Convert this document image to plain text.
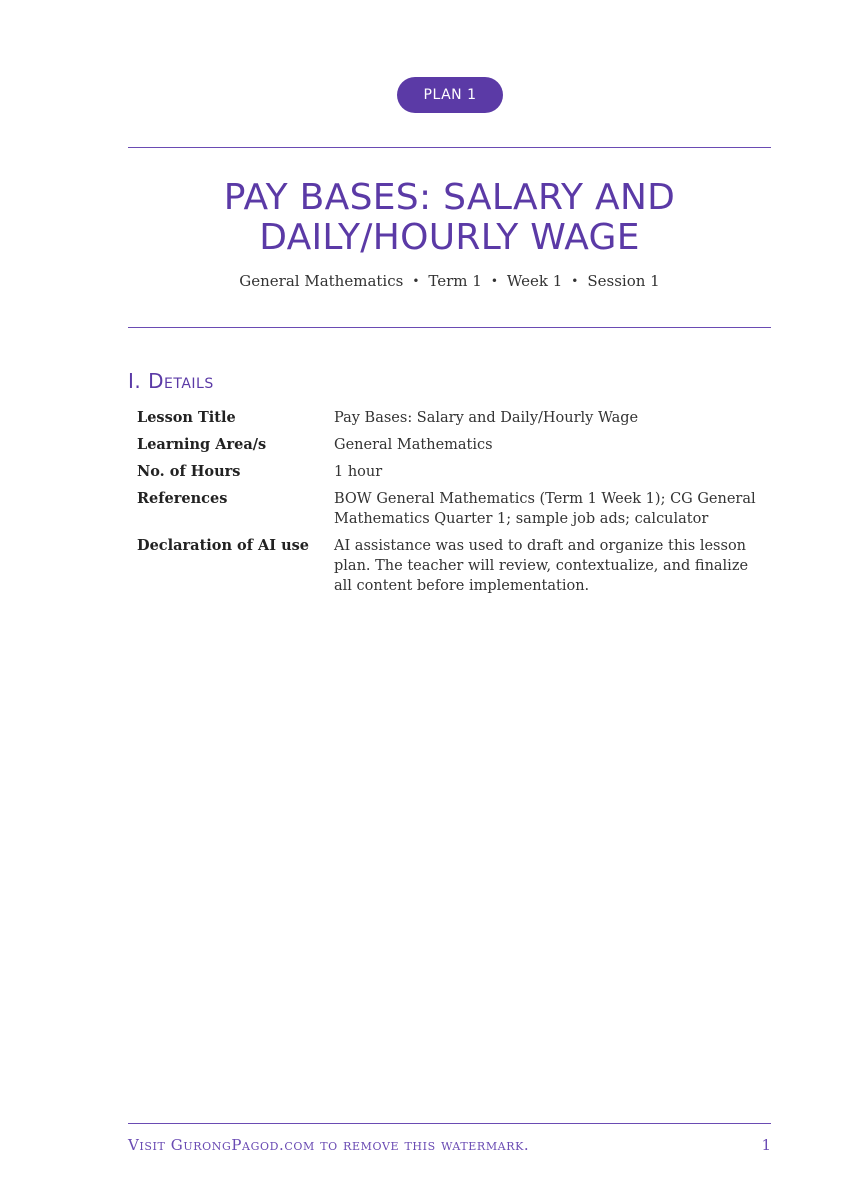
PLAN 1
PAY BASES: SALARY AND
DAILY/HOURLY WAGE
General Mathematics • Term 1 • Week 1 • Session 1
I. Details
Lesson Title	Pay Bases: Salary and Daily/Hourly Wage
Learning Area/s	General Mathematics
No. of Hours	1 hour
References	BOW General Mathematics (Term 1 Week 1); CG General Mathematics Quarter 1; sample job ads; calculator
Declaration of AI use	AI assistance was used to draft and organize this lesson plan. The teacher will review, contextualize, and finalize all content before implementation.
Visit GurongPagod.com to remove this watermark.	1
